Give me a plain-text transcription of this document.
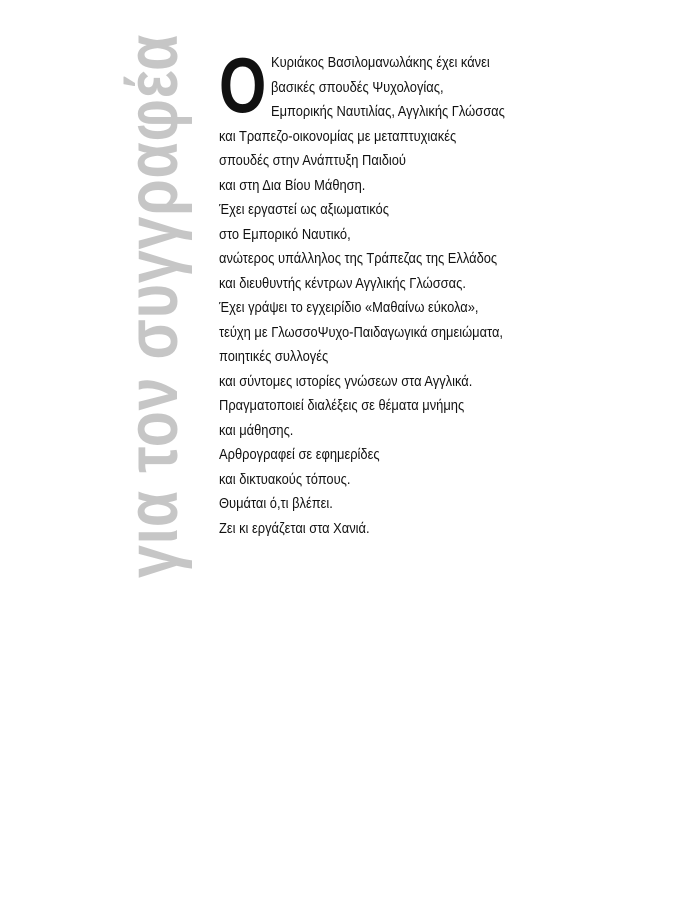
για τον συγγραφέα Ο Κυριάκος Βασιλομανωλάκης έχει κάνει
βασικές σπουδές Ψυχολογίας,
Εμπορικής Ναυτιλίας, Αγγλικής Γλώσσας
και Τραπεζο-οικονομίας με μεταπτυχιακές
σπουδές στην Ανάπτυξη Παιδιού
και στη Δια Βίου Μάθηση.
Έχει εργαστεί ως αξιωματικός
στο Εμπορικό Ναυτικό,
ανώτερος υπάλληλος της Τράπεζας της Ελλάδος
και διευθυντής κέντρων Αγγλικής Γλώσσας.
Έχει γράψει το εγχειρίδιο «Μαθαίνω εύκολα»,
τεύχη με ΓλωσσοΨυχο-Παιδαγωγικά σημειώματα,
ποιητικές συλλογές
και σύντομες ιστορίες γνώσεων στα Αγγλικά.
Πραγματοποιεί διαλέξεις σε θέματα μνήμης
και μάθησης.
Αρθρογραφεί σε εφημερίδες
και δικτυακούς τόπους.
Θυμάται ό,τι βλέπει.
Ζει κι εργάζεται στα Χανιά.
